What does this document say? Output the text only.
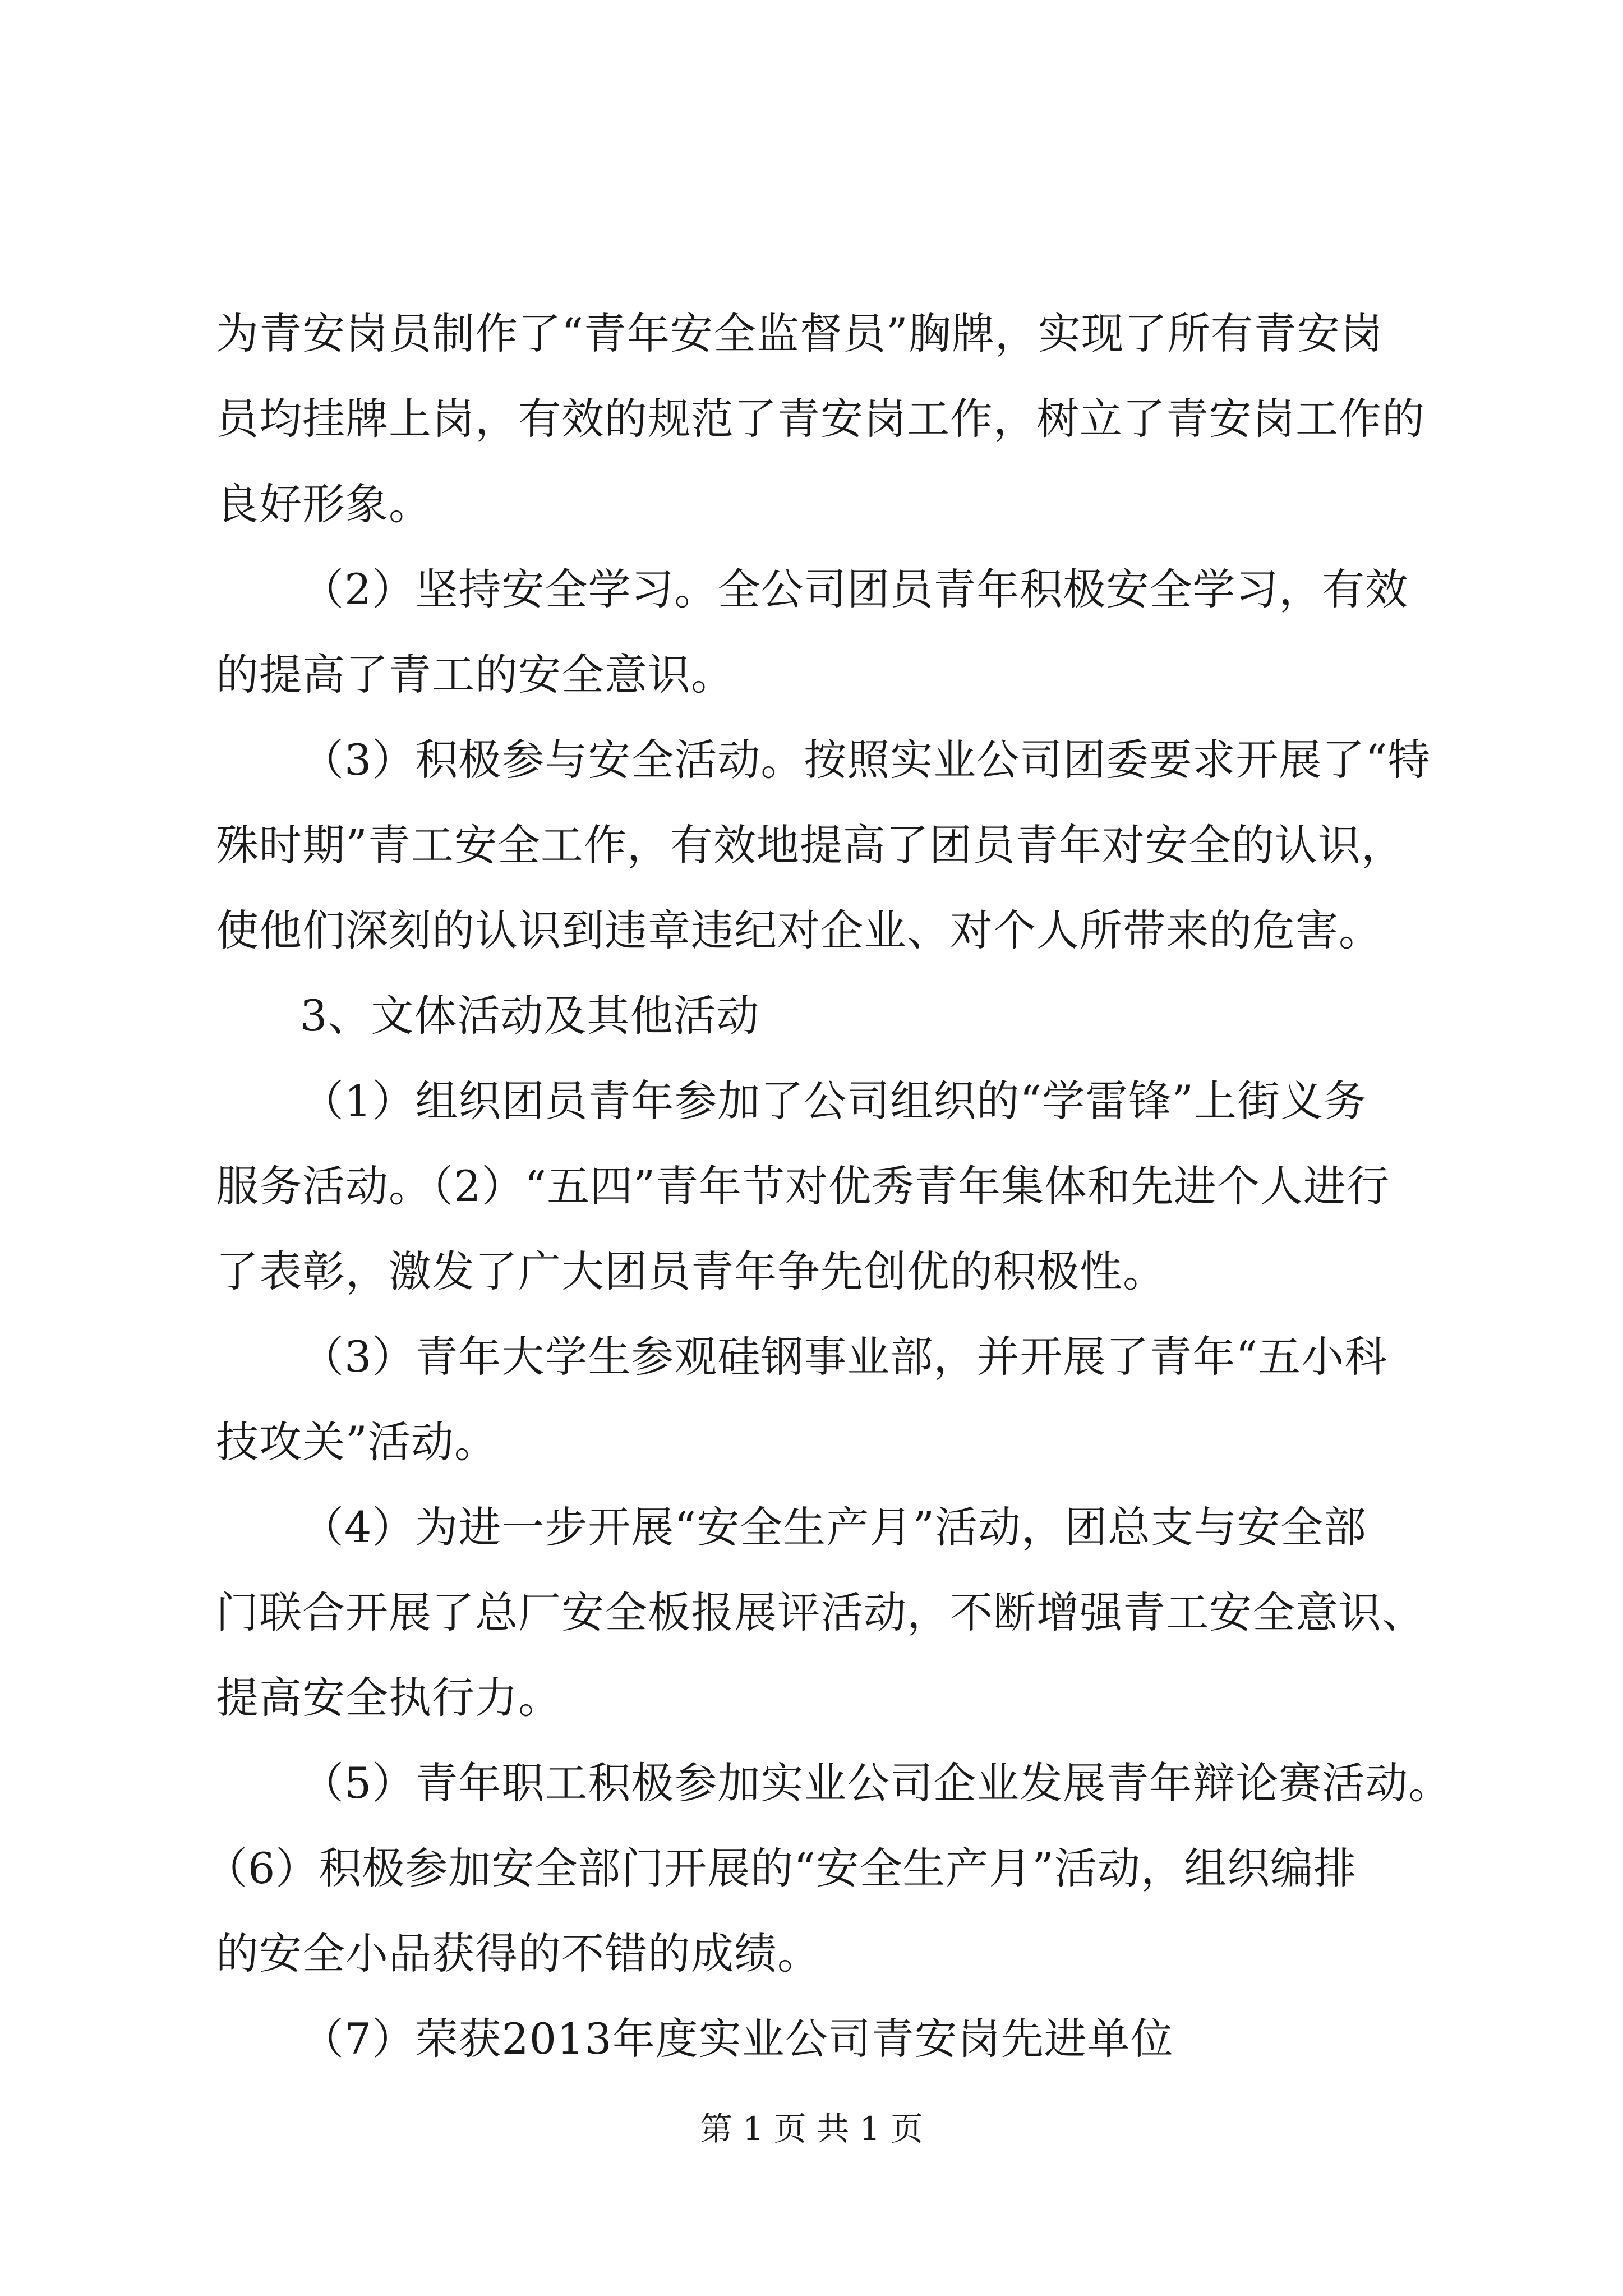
为青安岗员制作了“青年安全监督员”胸牌，实现了所有青安岗

员均挂牌上岗，有效的规范了青安岗工作，树立了青安岗工作的

良好形象。

（2）坚持安全学习。全公司团员青年积极安全学习，有效

的提高了青工的安全意识。

（3）积极参与安全活动。按照实业公司团委要求开展了“特

殊时期”青工安全工作，有效地提高了团员青年对安全的认识，

使他们深刻的认识到违章违纪对企业、对个人所带来的危害。

3、文体活动及其他活动

（1）组织团员青年参加了公司组织的“学雷锋”上街义务

服务活动。（2）“五四”青年节对优秀青年集体和先进个人进行

了表彰，激发了广大团员青年争先创优的积极性。

（3）青年大学生参观硅钢事业部，并开展了青年“五小科

技攻关”活动。

（4）为进一步开展“安全生产月”活动，团总支与安全部

门联合开展了总厂安全板报展评活动，不断增强青工安全意识、

提高安全执行力。

（5）青年职工积极参加实业公司企业发展青年辩论赛活动。

（6）积极参加安全部门开展的“安全生产月”活动，组织编排

的安全小品获得的不错的成绩。

（7）荣获2013年度实业公司青安岗先进单位

第 1 页 共 1 页
